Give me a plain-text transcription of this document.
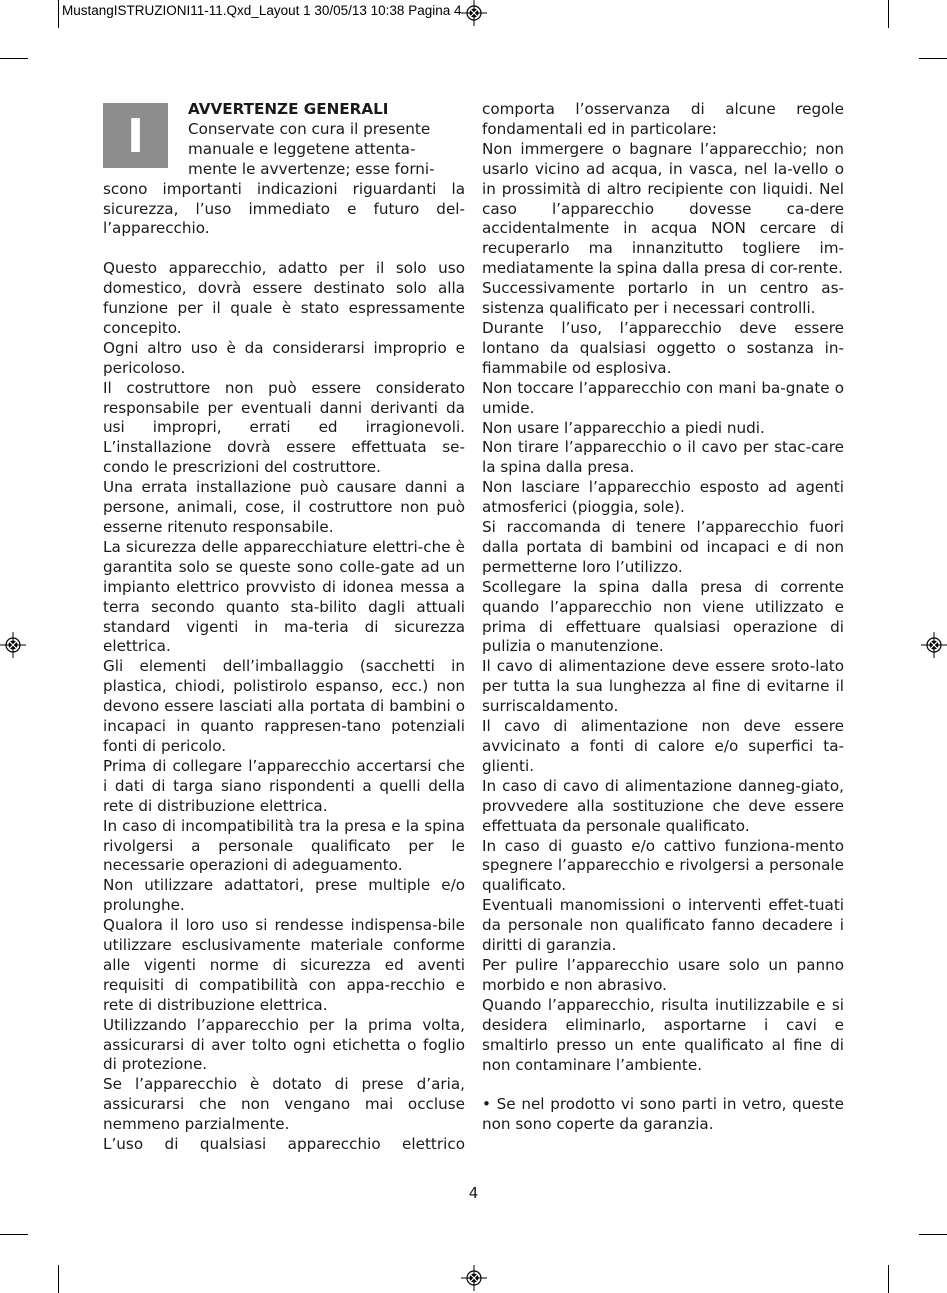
MustangISTRUZIONI11-11.Qxd_Layout 1 30/05/13 10:38 Pagina 4
I	AVVERTENZE GENERALI

Conservate con cura il presente

manuale e leggetene attenta-

mente le avvertenze; esse forni-

scono importanti indicazioni riguardanti la sicurezza, l’uso immediato e futuro del-l’apparecchio.

Questo apparecchio, adatto per il solo uso domestico, dovrà essere destinato solo alla funzione per il quale è stato espressamente concepito.

Ogni altro uso è da considerarsi improprio e pericoloso.

Il costruttore non può essere considerato responsabile per eventuali danni derivanti da usi impropri, errati ed irragionevoli. L’installazione dovrà essere effettuata se-condo le prescrizioni del costruttore.

Una errata installazione può causare danni a persone, animali, cose, il costruttore non può esserne ritenuto responsabile.

La sicurezza delle apparecchiature elettri-che è garantita solo se queste sono colle-gate ad un impianto elettrico provvisto di idonea messa a terra secondo quanto sta-bilito dagli attuali standard vigenti in ma-teria di sicurezza elettrica.

Gli elementi dell’imballaggio (sacchetti in plastica, chiodi, polistirolo espanso, ecc.) non devono essere lasciati alla portata di bambini o incapaci in quanto rappresen-tano potenziali fonti di pericolo.

Prima di collegare l’apparecchio accertarsi che i dati di targa siano rispondenti a quelli della rete di distribuzione elettrica.

In caso di incompatibilità tra la presa e la spina rivolgersi a personale qualificato per le necessarie operazioni di adeguamento.

Non utilizzare adattatori, prese multiple e/o prolunghe.

Qualora il loro uso si rendesse indispensa-bile utilizzare esclusivamente materiale conforme alle vigenti norme di sicurezza ed aventi requisiti di compatibilità con appa-recchio e rete di distribuzione elettrica.

Utilizzando l’apparecchio per la prima volta, assicurarsi di aver tolto ogni etichetta o foglio di protezione.

Se l’apparecchio è dotato di prese d’aria, assicurarsi che non vengano mai occluse nemmeno parzialmente.

L’uso di qualsiasi apparecchio elettrico

comporta l’osservanza di alcune regole fondamentali ed in particolare:

Non immergere o bagnare l’apparecchio; non usarlo vicino ad acqua, in vasca, nel la-vello o in prossimità di altro recipiente con liquidi. Nel caso l’apparecchio dovesse ca-dere accidentalmente in acqua NON cercare di recuperarlo ma innanzitutto togliere im-mediatamente la spina dalla presa di cor-rente.

Successivamente portarlo in un centro as-sistenza qualificato per i necessari controlli.

Durante l’uso, l’apparecchio deve essere lontano da qualsiasi oggetto o sostanza in-fiammabile od esplosiva.

Non toccare l’apparecchio con mani ba-gnate o umide.

Non usare l’apparecchio a piedi nudi.

Non tirare l’apparecchio o il cavo per stac-care la spina dalla presa.

Non lasciare l’apparecchio esposto ad agenti atmosferici (pioggia, sole).

Si raccomanda di tenere l’apparecchio fuori dalla portata di bambini od incapaci e di non permetterne loro l’utilizzo.

Scollegare la spina dalla presa di corrente quando l’apparecchio non viene utilizzato e prima di effettuare qualsiasi operazione di pulizia o manutenzione.

Il cavo di alimentazione deve essere sroto-lato per tutta la sua lunghezza al fine di evitarne il surriscaldamento.

Il cavo di alimentazione non deve essere avvicinato a fonti di calore e/o superfici ta-glienti.

In caso di cavo di alimentazione danneg-giato, provvedere alla sostituzione che deve essere effettuata da personale qualificato.

In caso di guasto e/o cattivo funziona-mento spegnere l’apparecchio e rivolgersi a personale qualificato.

Eventuali manomissioni o interventi effet-tuati da personale non qualificato fanno decadere i diritti di garanzia.

Per pulire l’apparecchio usare solo un panno morbido e non abrasivo.

Quando l’apparecchio, risulta inutilizzabile e si desidera eliminarlo, asportarne i cavi e smaltirlo presso un ente qualificato al fine di non contaminare l’ambiente.

• Se nel prodotto vi sono parti in vetro, queste non sono coperte da garanzia.

4
